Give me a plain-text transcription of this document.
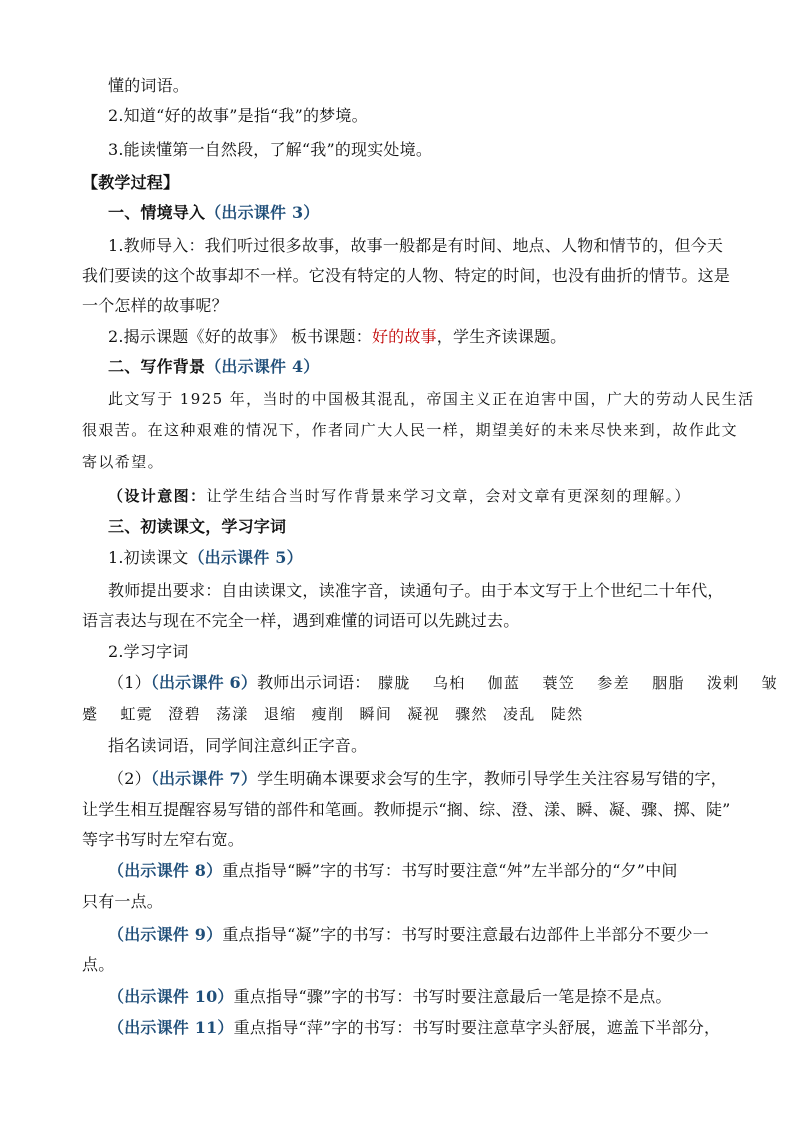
懂的词语。
2.知道“好的故事”是指“我”的梦境。
3.能读懂第一自然段，了解“我”的现实处境。
【教学过程】
一、情境导入（出示课件 3）
1.教师导入：我们听过很多故事，故事一般都是有时间、地点、人物和情节的，但今天
我们要读的这个故事却不一样。它没有特定的人物、特定的时间，也没有曲折的情节。这是
一个怎样的故事呢？
2.揭示课题《好的故事》 板书课题：好的故事，学生齐读课题。
二、写作背景（出示课件 4）
此文写于 1925 年，当时的中国极其混乱，帝国主义正在迫害中国，广大的劳动人民生活
很艰苦。在这种艰难的情况下，作者同广大人民一样，期望美好的未来尽快来到，故作此文
寄以希望。
（设计意图：让学生结合当时写作背景来学习文章，会对文章有更深刻的理解。）
三、初读课文，学习字词
1.初读课文（出示课件 5）
教师提出要求：自由读课文，读准字音，读通句子。由于本文写于上个世纪二十年代，
语言表达与现在不完全一样，遇到难懂的词语可以先跳过去。
2.学习字词
（1）（出示课件 6）教师出示词语： 朦胧 乌桕 伽蓝 蓑笠 参差 胭脂 泼剌 皱
蹙 虹霓 澄碧 荡漾 退缩 瘦削 瞬间 凝视 骤然 凌乱 陡然
指名读词语，同学间注意纠正字音。
（2）（出示课件 7）学生明确本课要求会写的生字，教师引导学生关注容易写错的字，
让学生相互提醒容易写错的部件和笔画。教师提示“搁、综、澄、漾、瞬、凝、骤、掷、陡”
等字书写时左窄右宽。
（出示课件 8）重点指导“瞬”字的书写：书写时要注意“舛”左半部分的“夕”中间
只有一点。
（出示课件 9）重点指导“凝”字的书写：书写时要注意最右边部件上半部分不要少一
点。
（出示课件 10）重点指导“骤”字的书写：书写时要注意最后一笔是捺不是点。
（出示课件 11）重点指导“萍”字的书写：书写时要注意草字头舒展，遮盖下半部分，
